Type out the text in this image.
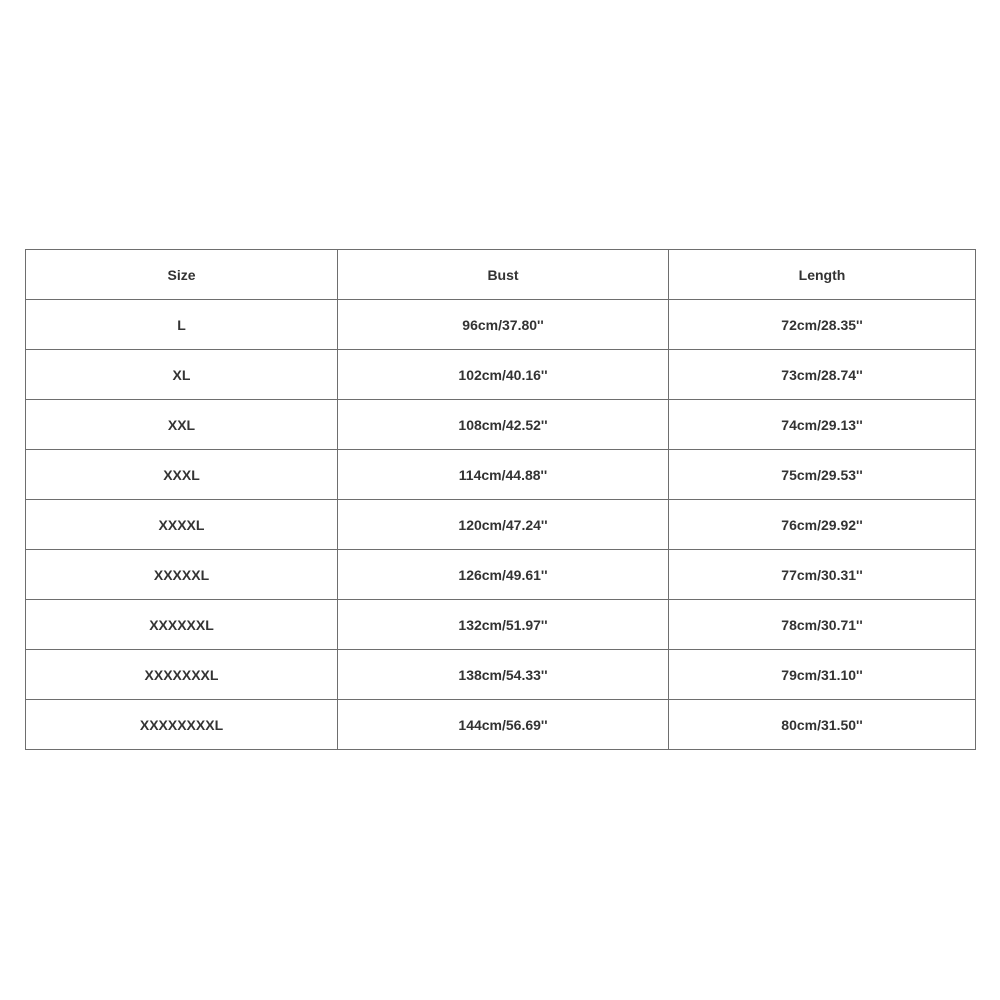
Size	Bust	Length
L	96cm/37.80''	72cm/28.35''
XL	102cm/40.16''	73cm/28.74''
XXL	108cm/42.52''	74cm/29.13''
XXXL	114cm/44.88''	75cm/29.53''
XXXXL	120cm/47.24''	76cm/29.92''
XXXXXL	126cm/49.61''	77cm/30.31''
XXXXXXL	132cm/51.97''	78cm/30.71''
XXXXXXXL	138cm/54.33''	79cm/31.10''
XXXXXXXXL	144cm/56.69''	80cm/31.50''
